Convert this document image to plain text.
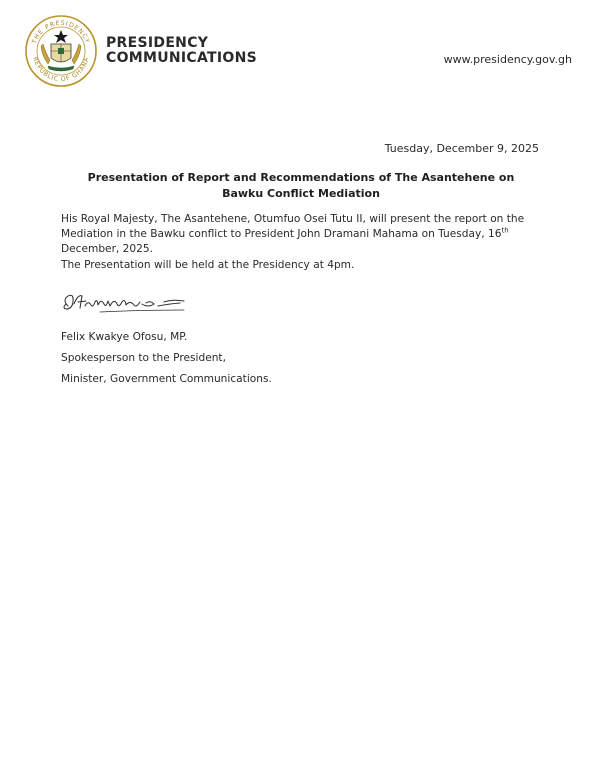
THE PRESIDENCY
REPUBLIC OF GHANA
PRESIDENCY
COMMUNICATIONS	www.presidency.gov.gh
Tuesday, December 9, 2025
Presentation of Report and Recommendations of The Asantehene on Bawku Conflict Mediation
His Royal Majesty, The Asantehene, Otumfuo Osei Tutu II, will present the report on the Mediation in the Bawku conflict to President John Dramani Mahama on Tuesday, 16th December, 2025.
The Presentation will be held at the Presidency at 4pm.
Felix Kwakye Ofosu, MP.
Spokesperson to the President,
Minister, Government Communications.
